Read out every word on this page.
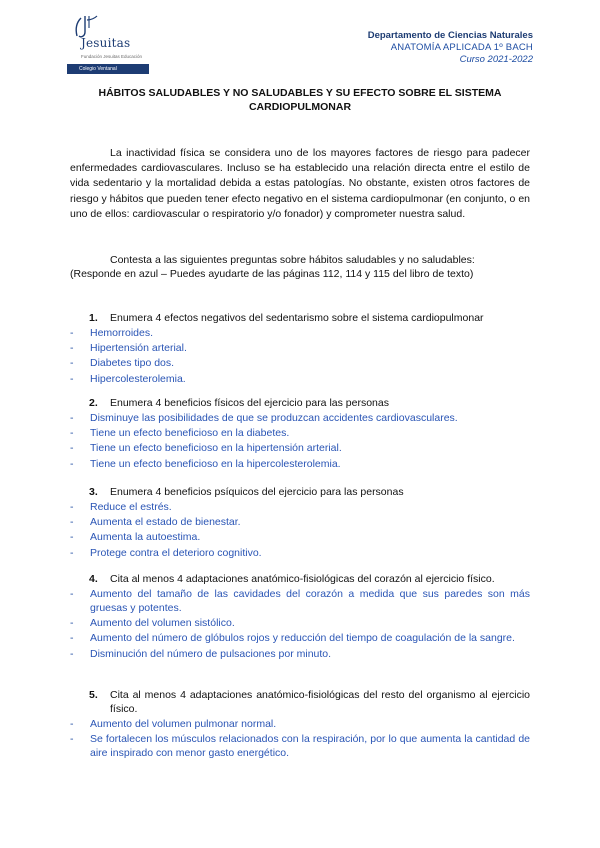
Jesuitas
Fundación Jesuitas Educación
Colegio Ventanal
Departamento de Ciencias Naturales
ANATOMÍA APLICADA 1º BACH
Curso 2021-2022
HÁBITOS SALUDABLES Y NO SALUDABLES Y SU EFECTO SOBRE EL SISTEMA CARDIOPULMONAR

La inactividad física se considera uno de los mayores factores de riesgo para padecer enfermedades cardiovasculares. Incluso se ha establecido una relación directa entre el estilo de vida sedentario y la mortalidad debida a estas patologías. No obstante, existen otros factores de riesgo y hábitos que pueden tener efecto negativo en el sistema cardiopulmonar (en conjunto, o en uno de ellos: cardiovascular o respiratorio y/o fonador) y comprometer nuestra salud.

Contesta a las siguientes preguntas sobre hábitos saludables y no saludables:
(Responde en azul – Puedes ayudarte de las páginas 112, 114 y 115 del libro de texto)
1.	Enumera 4 efectos negativos del sedentarismo sobre el sistema cardiopulmonar
-	Hemorroides.
-	Hipertensión arterial.
-	Diabetes tipo dos.
-	Hipercolesterolemia.
2.	Enumera 4 beneficios físicos del ejercicio para las personas
-	Disminuye las posibilidades de que se produzcan accidentes cardiovasculares.
-	Tiene un efecto beneficioso en la diabetes.
-	Tiene un efecto beneficioso en la hipertensión arterial.
-	Tiene un efecto beneficioso en la hipercolesterolemia.
3.	Enumera 4 beneficios psíquicos del ejercicio para las personas
-	Reduce el estrés.
-	Aumenta el estado de bienestar.
-	Aumenta la autoestima.
-	Protege contra el deterioro cognitivo.
4.	Cita al menos 4 adaptaciones anatómico-fisiológicas del corazón al ejercicio físico.
-	Aumento del tamaño de las cavidades del corazón a medida que sus paredes son más gruesas y potentes.
-	Aumento del volumen sistólico.
-	Aumento del número de glóbulos rojos y reducción del tiempo de coagulación de la sangre.
-	Disminución del número de pulsaciones por minuto.
5.	Cita al menos 4 adaptaciones anatómico-fisiológicas del resto del organismo al ejercicio físico.
-	Aumento del volumen pulmonar normal.
-	Se fortalecen los músculos relacionados con la respiración, por lo que aumenta la cantidad de aire inspirado con menor gasto energético.
